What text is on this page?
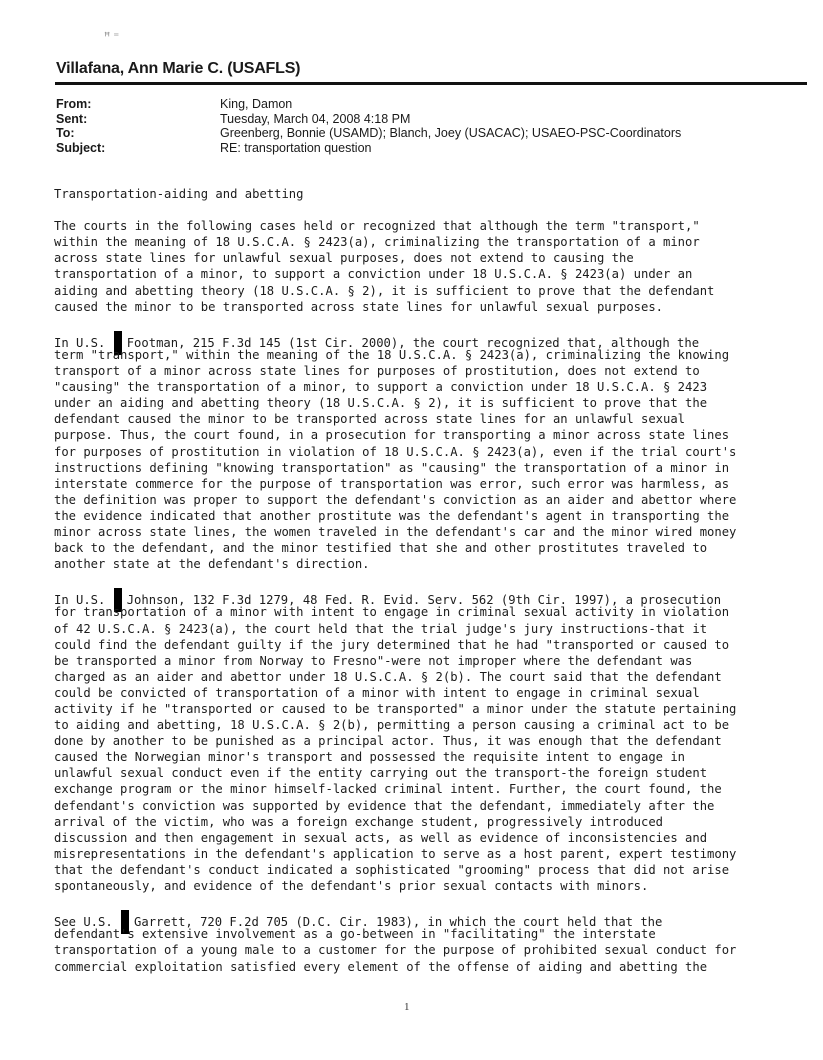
ꟸ ⁼
Villafana, Ann Marie C. (USAFLS)
From:	King, Damon
Sent:	Tuesday, March 04, 2008 4:18 PM
To:	Greenberg, Bonnie (USAMD); Blanch, Joey (USACAC); USAEO-PSC-Coordinators
Subject:	RE: transportation question
Transportation-aiding and abetting
The courts in the following cases held or recognized that although the term "transport,"
within the meaning of 18 U.S.C.A. § 2423(a), criminalizing the transportation of a minor
across state lines for unlawful sexual purposes, does not extend to causing the
transportation of a minor, to support a conviction under 18 U.S.C.A. § 2423(a) under an
aiding and abetting theory (18 U.S.C.A. § 2), it is sufficient to prove that the defendant
caused the minor to be transported across state lines for unlawful sexual purposes.
In U.S. Footman, 215 F.3d 145 (1st Cir. 2000), the court recognized that, although the
term "transport," within the meaning of the 18 U.S.C.A. § 2423(a), criminalizing the knowing
transport of a minor across state lines for purposes of prostitution, does not extend to
"causing" the transportation of a minor, to support a conviction under 18 U.S.C.A. § 2423
under an aiding and abetting theory (18 U.S.C.A. § 2), it is sufficient to prove that the
defendant caused the minor to be transported across state lines for an unlawful sexual
purpose. Thus, the court found, in a prosecution for transporting a minor across state lines
for purposes of prostitution in violation of 18 U.S.C.A. § 2423(a), even if the trial court's
instructions defining "knowing transportation" as "causing" the transportation of a minor in
interstate commerce for the purpose of transportation was error, such error was harmless, as
the definition was proper to support the defendant's conviction as an aider and abettor where
the evidence indicated that another prostitute was the defendant's agent in transporting the
minor across state lines, the women traveled in the defendant's car and the minor wired money
back to the defendant, and the minor testified that she and other prostitutes traveled to
another state at the defendant's direction.
In U.S. Johnson, 132 F.3d 1279, 48 Fed. R. Evid. Serv. 562 (9th Cir. 1997), a prosecution
for transportation of a minor with intent to engage in criminal sexual activity in violation
of 42 U.S.C.A. § 2423(a), the court held that the trial judge's jury instructions-that it
could find the defendant guilty if the jury determined that he had "transported or caused to
be transported a minor from Norway to Fresno"-were not improper where the defendant was
charged as an aider and abettor under 18 U.S.C.A. § 2(b). The court said that the defendant
could be convicted of transportation of a minor with intent to engage in criminal sexual
activity if he "transported or caused to be transported" a minor under the statute pertaining
to aiding and abetting, 18 U.S.C.A. § 2(b), permitting a person causing a criminal act to be
done by another to be punished as a principal actor. Thus, it was enough that the defendant
caused the Norwegian minor's transport and possessed the requisite intent to engage in
unlawful sexual conduct even if the entity carrying out the transport-the foreign student
exchange program or the minor himself-lacked criminal intent. Further, the court found, the
defendant's conviction was supported by evidence that the defendant, immediately after the
arrival of the victim, who was a foreign exchange student, progressively introduced
discussion and then engagement in sexual acts, as well as evidence of inconsistencies and
misrepresentations in the defendant's application to serve as a host parent, expert testimony
that the defendant's conduct indicated a sophisticated "grooming" process that did not arise
spontaneously, and evidence of the defendant's prior sexual contacts with minors.
See U.S. Garrett, 720 F.2d 705 (D.C. Cir. 1983), in which the court held that the
defendant's extensive involvement as a go-between in "facilitating" the interstate
transportation of a young male to a customer for the purpose of prohibited sexual conduct for
commercial exploitation satisfied every element of the offense of aiding and abetting the
1
